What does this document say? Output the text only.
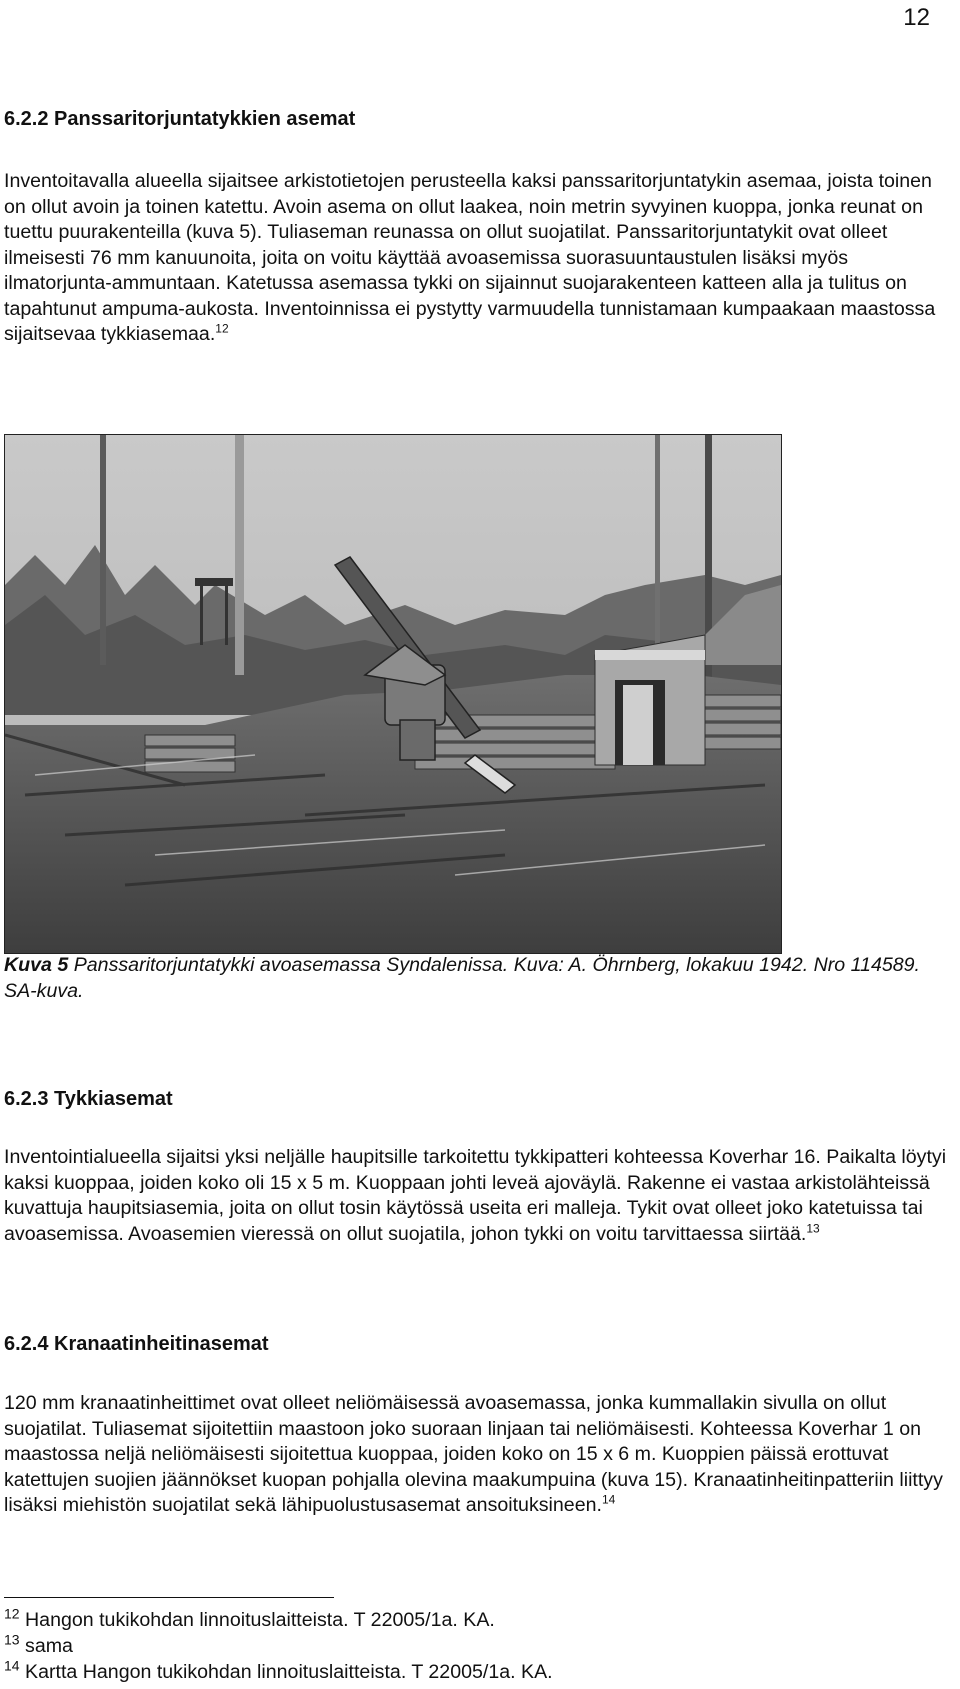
12
6.2.2 Panssaritorjuntatykkien asemat

Inventoitavalla alueella sijaitsee arkistotietojen perusteella kaksi panssaritorjuntatykin asemaa, joista toinen on ollut avoin ja toinen katettu. Avoin asema on ollut laakea, noin metrin syvyinen kuoppa, jonka reunat on tuettu puurakenteilla (kuva 5). Tuliaseman reunassa on ollut suojatilat. Panssaritorjuntatykit ovat olleet ilmeisesti 76 mm kanuunoita, joita on voitu käyttää avoasemissa suorasuuntaustulen lisäksi myös ilmatorjunta-ammuntaan. Katetussa asemassa tykki on sijainnut suojarakenteen katteen alla ja tulitus on tapahtunut ampuma-aukosta. Inventoinnissa ei pystytty varmuudella tunnistamaan kumpaakaan maastossa sijaitsevaa tykkiasemaa.$^{12}$

Kuva 5 Panssaritorjuntatykki avoasemassa Syndalenissa. Kuva: A. Öhrnberg, lokakuu 1942. Nro 114589. SA-kuva.

6.2.3 Tykkiasemat

Inventointialueella sijaitsi yksi neljälle haupitsille tarkoitettu tykkipatteri kohteessa Koverhar 16. Paikalta löytyi kaksi kuoppaa, joiden koko oli 15 x 5 m. Kuoppaan johti leveä ajoväylä. Rakenne ei vastaa arkistolähteissä kuvattuja haupitsiasemia, joita on ollut tosin käytössä useita eri malleja. Tykit ovat olleet joko katetuissa tai avoasemissa. Avoasemien vieressä on ollut suojatila, johon tykki on voitu tarvittaessa siirtää.$^{13}$

6.2.4 Kranaatinheitinasemat

120 mm kranaatinheittimet ovat olleet neliömäisessä avoasemassa, jonka kummallakin sivulla on ollut suojatilat. Tuliasemat sijoitettiin maastoon joko suoraan linjaan tai neliömäisesti. Kohteessa Koverhar 1 on maastossa neljä neliömäisesti sijoitettua kuoppaa, joiden koko on 15 x 6 m. Kuoppien päissä erottuvat katettujen suojien jäännökset kuopan pohjalla olevina maakumpuina (kuva 15). Kranaatinheitinpatteriin liittyy lisäksi miehistön suojatilat sekä lähipuolustusasemat ansoituksineen.$^{14}$

$^{12}$ Hangon tukikohdan linnoituslaitteista. T 22005/1a. KA.

$^{13}$ sama

$^{14}$ Kartta Hangon tukikohdan linnoituslaitteista. T 22005/1a. KA.
